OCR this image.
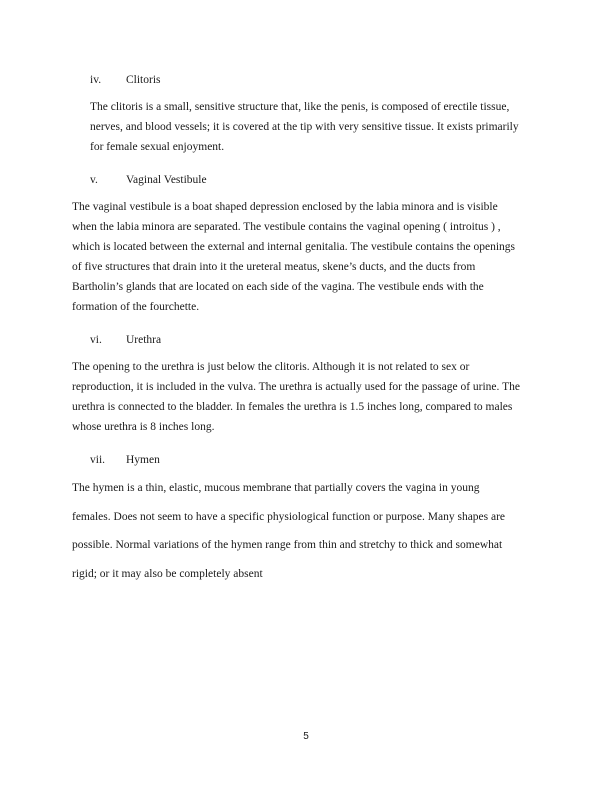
iv. Clitoris
The clitoris is a small, sensitive structure that, like the penis, is composed of erectile tissue,
nerves, and blood vessels; it is covered at the tip with very sensitive tissue. It exists primarily
for female sexual enjoyment.
v. Vaginal Vestibule
The vaginal vestibule is a boat shaped depression enclosed by the labia minora and is visible
when the labia minora are separated. The vestibule contains the vaginal opening ( introitus ) ,
which is located between the external and internal genitalia. The vestibule contains the openings
of five structures that drain into it the ureteral meatus, skene’s ducts, and the ducts from
Bartholin’s glands that are located on each side of the vagina. The vestibule ends with the
formation of the fourchette.
vi. Urethra
The opening to the urethra is just below the clitoris. Although it is not related to sex or
reproduction, it is included in the vulva. The urethra is actually used for the passage of urine. The
urethra is connected to the bladder. In females the urethra is 1.5 inches long, compared to males
whose urethra is 8 inches long.
vii. Hymen
The hymen is a thin, elastic, mucous membrane that partially covers the vagina in young
females. Does not seem to have a specific physiological function or purpose. Many shapes are
possible. Normal variations of the hymen range from thin and stretchy to thick and somewhat
rigid; or it may also be completely absent
5
